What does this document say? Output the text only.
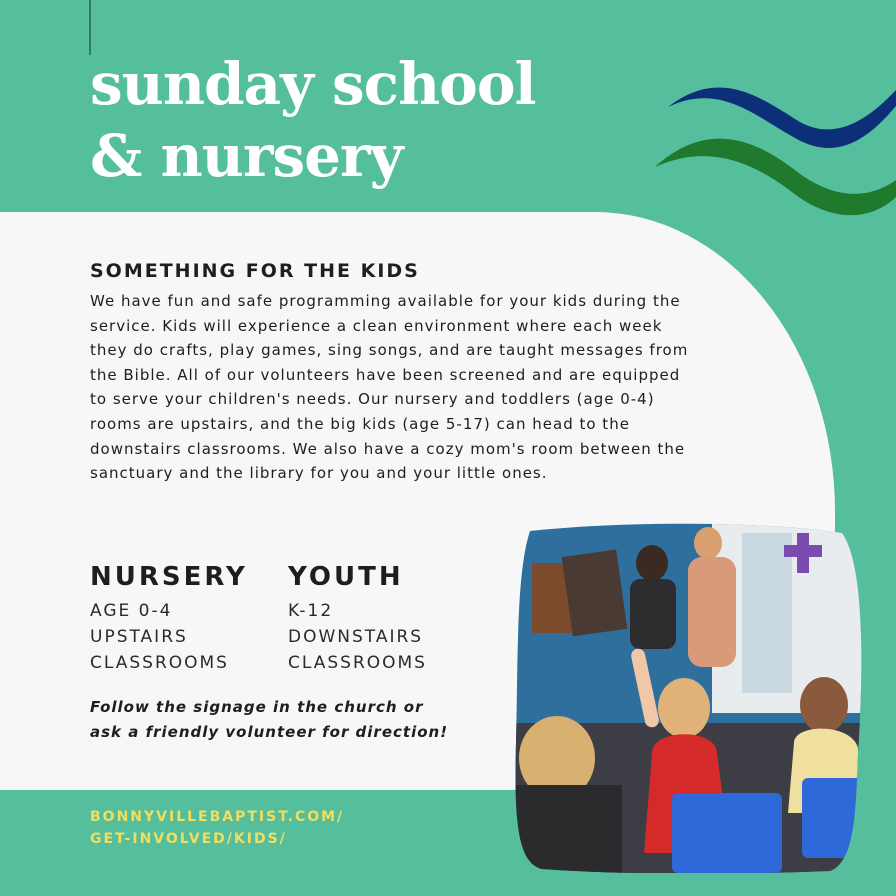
sunday school
& nursery
SOMETHING FOR THE KIDS

We have fun and safe programming available for your kids during the service. Kids will experience a clean environment where each week they do crafts, play games, sing songs, and are taught messages from the Bible. All of our volunteers have been screened and are equipped to serve your children's needs. Our nursery and toddlers (age 0-4) rooms are upstairs, and the big kids (age 5-17) can head to the downstairs classrooms. We also have a cozy mom's room between the sanctuary and the library for you and your little ones.

NURSERY
AGE 0-4
UPSTAIRS
CLASSROOMS
YOUTH
K-12
DOWNSTAIRS
CLASSROOMS

Follow the signage in the church or
ask a friendly volunteer for direction!

BONNYVILLEBAPTIST.COM/
GET-INVOLVED/KIDS/
